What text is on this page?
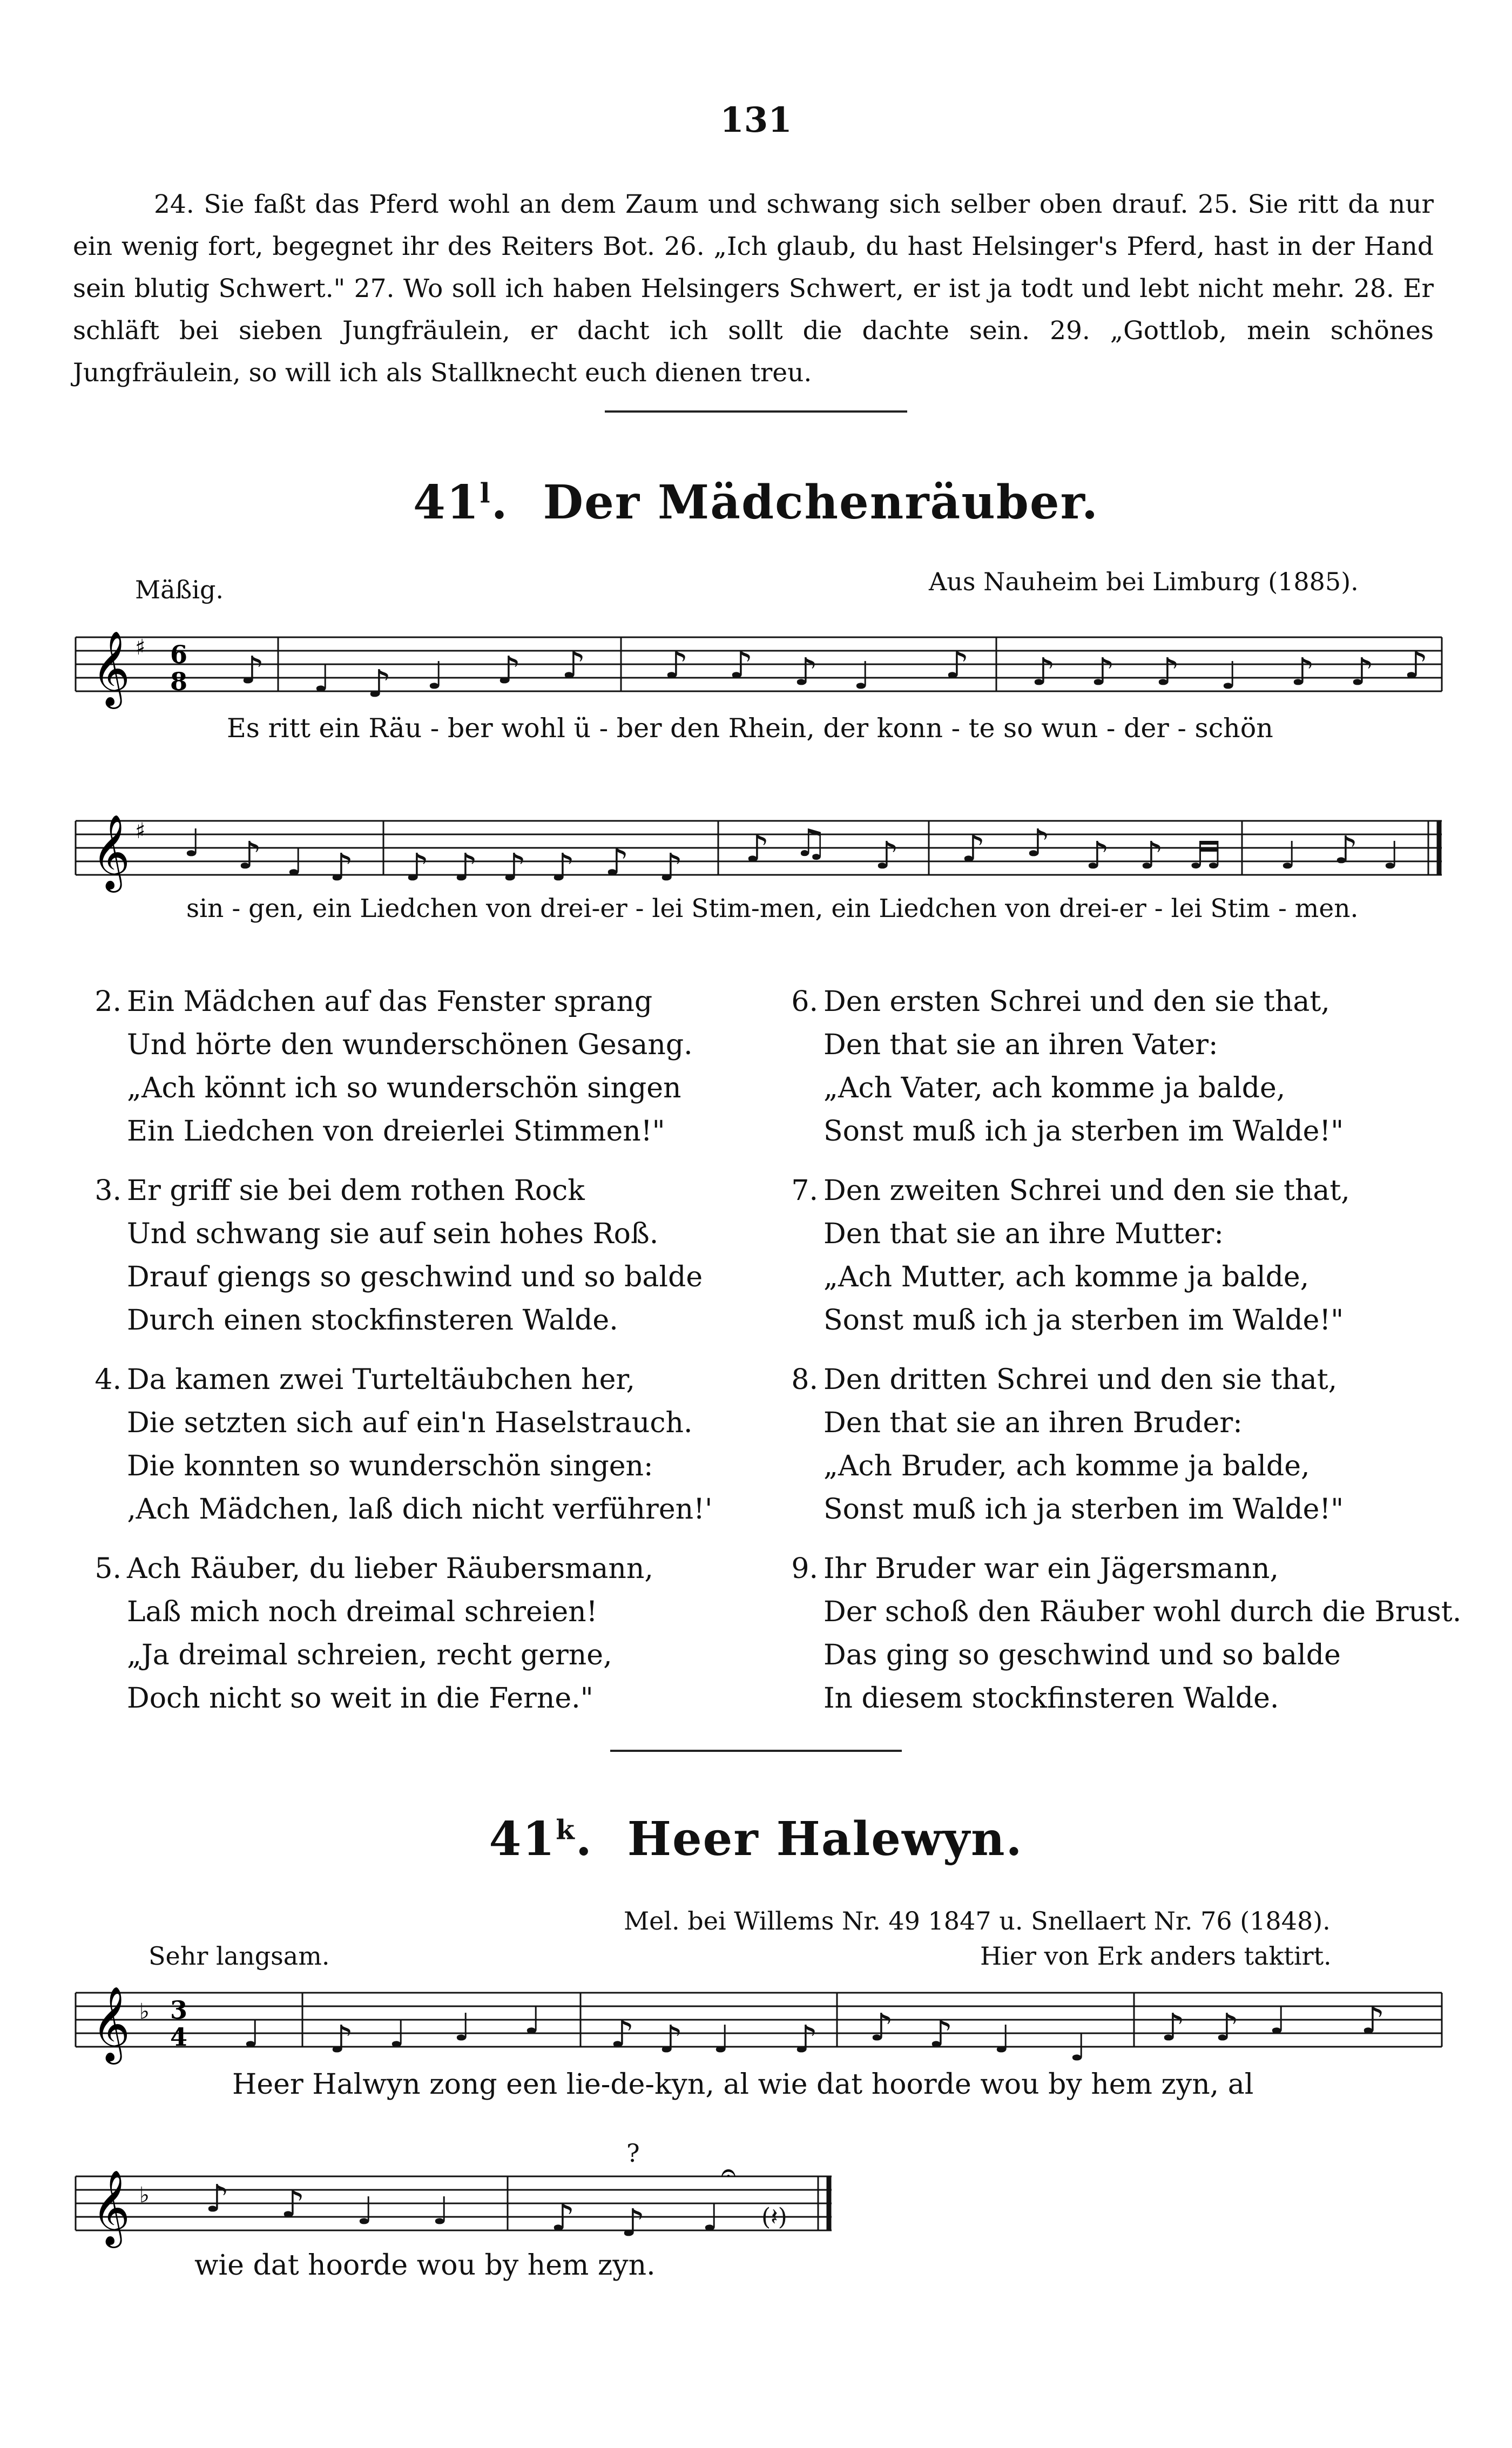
131

24. Sie faßt das Pferd wohl an dem Zaum und schwang sich selber oben drauf. 25. Sie ritt da nur ein wenig fort, begegnet ihr des Reiters Bot. 26. „Ich glaub, du hast Helsinger's Pferd, hast in der Hand sein blutig Schwert." 27. Wo soll ich haben Helsingers Schwert, er ist ja todt und lebt nicht mehr. 28. Er schläft bei sieben Jungfräulein, er dacht ich sollt die dachte sein. 29. „Gottlob, mein schönes Jungfräulein, so will ich als Stallknecht euch dienen treu.

41$^l$.  Der Mädchenräuber.
Mäßig.	Aus Nauheim bei Limburg (1885).
𝄞 ♯ 6
8 ♪ ♩ ♪ ♩ ♪ ♪ ♪ ♪ ♪ ♩ ♪ ♪ ♪ ♪ ♩ ♪ ♪ ♪
Es ritt ein Räu - ber wohl ü - ber den Rhein, der konn - te so wun - der - schön
𝄞 ♯ ♩ ♪ ♩ ♪ ♪ ♪ ♪ ♪ ♪ ♪ ♪ ♫ ♪ ♪ ♪ ♪ ♪ ♬ ♩ ♪ ♩
sin - gen, ein Liedchen von drei-er - lei Stim-men, ein Liedchen von drei-er - lei Stim - men.
2. Ein Mädchen auf das Fenster sprang
Und hörte den wunderschönen Gesang.
„Ach könnt ich so wunderschön singen
Ein Liedchen von dreierlei Stimmen!"
3. Er griff sie bei dem rothen Rock
Und schwang sie auf sein hohes Roß.
Drauf giengs so geschwind und so balde
Durch einen stockfinsteren Walde.
4. Da kamen zwei Turteltäubchen her,
Die setzten sich auf ein'n Haselstrauch.
Die konnten so wunderschön singen:
‚Ach Mädchen, laß dich nicht verführen!'
5. Ach Räuber, du lieber Räubersmann,
Laß mich noch dreimal schreien!
„Ja dreimal schreien, recht gerne,
Doch nicht so weit in die Ferne."
6. Den ersten Schrei und den sie that,
Den that sie an ihren Vater:
„Ach Vater, ach komme ja balde,
Sonst muß ich ja sterben im Walde!"
7. Den zweiten Schrei und den sie that,
Den that sie an ihre Mutter:
„Ach Mutter, ach komme ja balde,
Sonst muß ich ja sterben im Walde!"
8. Den dritten Schrei und den sie that,
Den that sie an ihren Bruder:
„Ach Bruder, ach komme ja balde,
Sonst muß ich ja sterben im Walde!"
9. Ihr Bruder war ein Jägersmann,
Der schoß den Räuber wohl durch die Brust.
Das ging so geschwind und so balde
In diesem stockfinsteren Walde.
41$^k$.  Heer Halewyn.
Mel. bei Willems Nr. 49 1847 u. Snellaert Nr. 76 (1848).
Sehr langsam.	Hier von Erk anders taktirt.
𝄞 ♭ 3
4 ♩ ♪ ♩ ♩ ♩ ♪ ♪ ♩ ♪ ♪ ♪ ♩ ♩ ♪ ♪ ♩ ♪
Heer Halwyn zong een lie-de-kyn, al wie dat hoorde wou by hem zyn, al
?
𝄞 ♭
𝄐
♪ ♪ ♩ ♩	♪ ♪ ♩ (𝄽)
wie dat hoorde wou by hem zyn.
